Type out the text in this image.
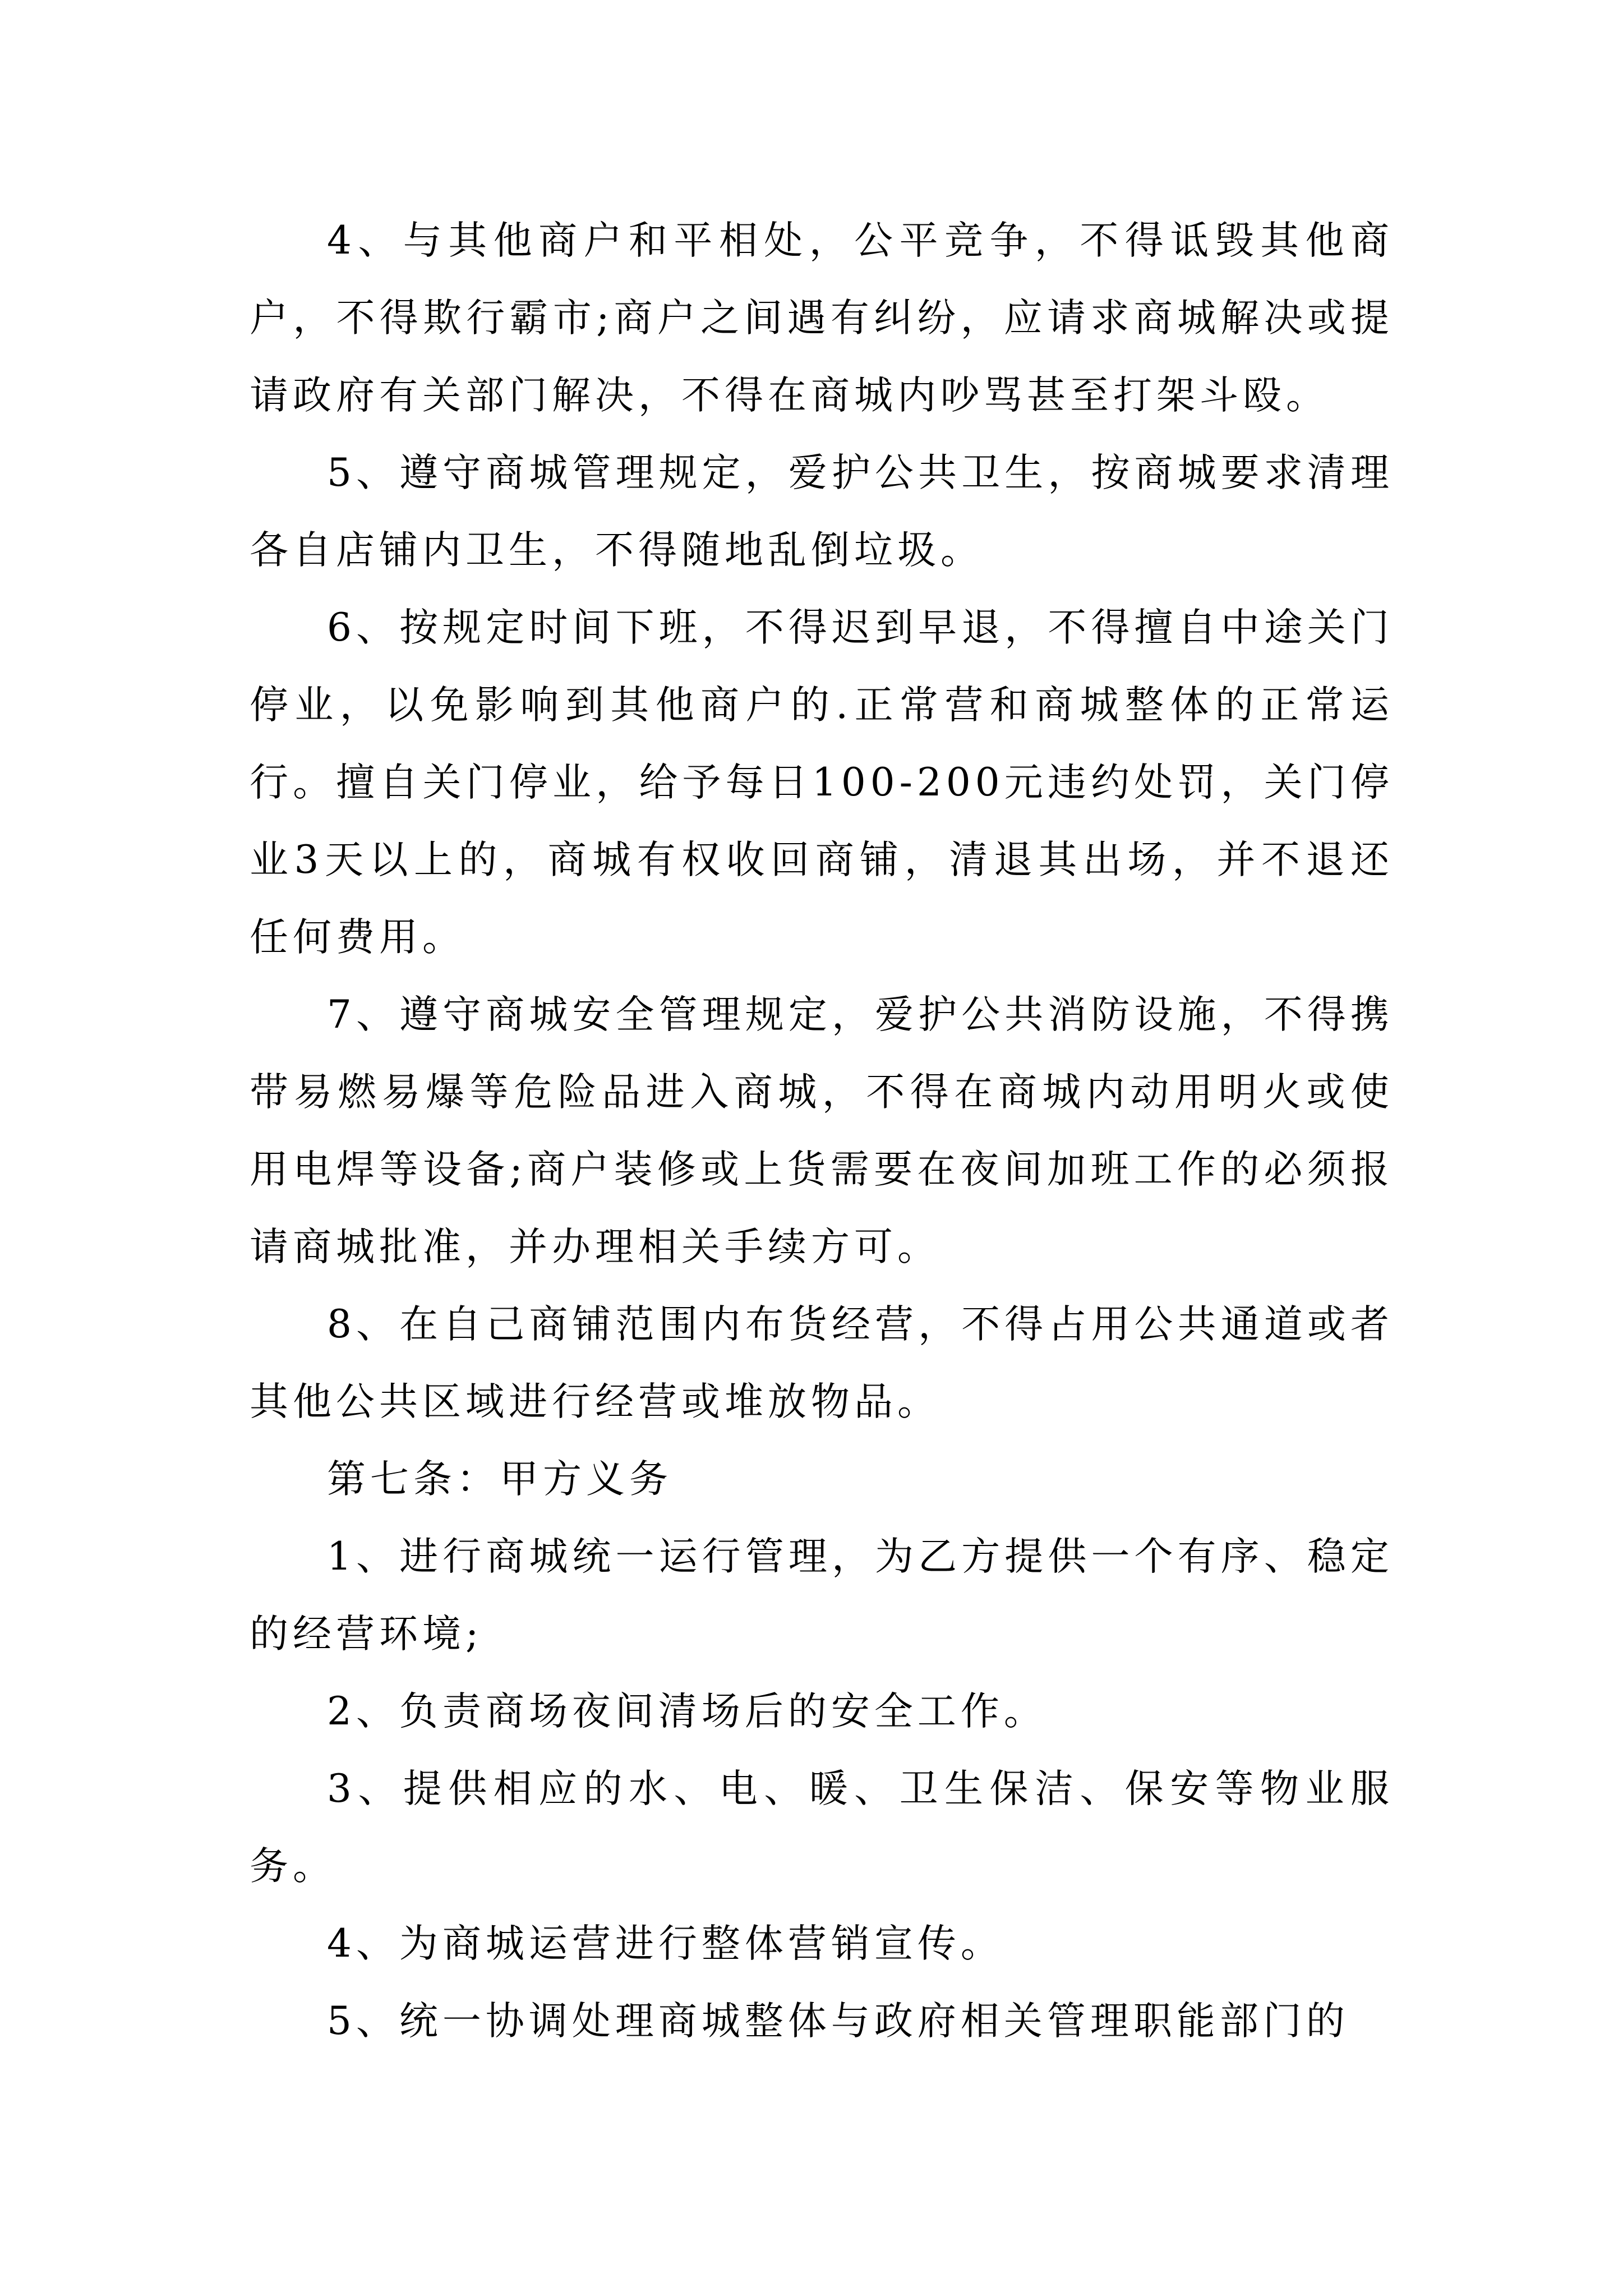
4、与其他商户和平相处，公平竞争，不得诋毁其他商户，不得欺行霸市;商户之间遇有纠纷，应请求商城解决或提请政府有关部门解决，不得在商城内吵骂甚至打架斗殴。

5、遵守商城管理规定，爱护公共卫生，按商城要求清理各自店铺内卫生，不得随地乱倒垃圾。

6、按规定时间下班，不得迟到早退，不得擅自中途关门停业，以免影响到其他商户的.正常营和商城整体的正常运行。擅自关门停业，给予每日100-200元违约处罚，关门停业3天以上的，商城有权收回商铺，清退其出场，并不退还任何费用。

7、遵守商城安全管理规定，爱护公共消防设施，不得携带易燃易爆等危险品进入商城，不得在商城内动用明火或使用电焊等设备;商户装修或上货需要在夜间加班工作的必须报请商城批准，并办理相关手续方可。

8、在自己商铺范围内布货经营，不得占用公共通道或者其他公共区域进行经营或堆放物品。

第七条：甲方义务

1、进行商城统一运行管理，为乙方提供一个有序、稳定的经营环境;

2、负责商场夜间清场后的安全工作。

3、提供相应的水、电、暖、卫生保洁、保安等物业服务。

4、为商城运营进行整体营销宣传。

5、统一协调处理商城整体与政府相关管理职能部门的
